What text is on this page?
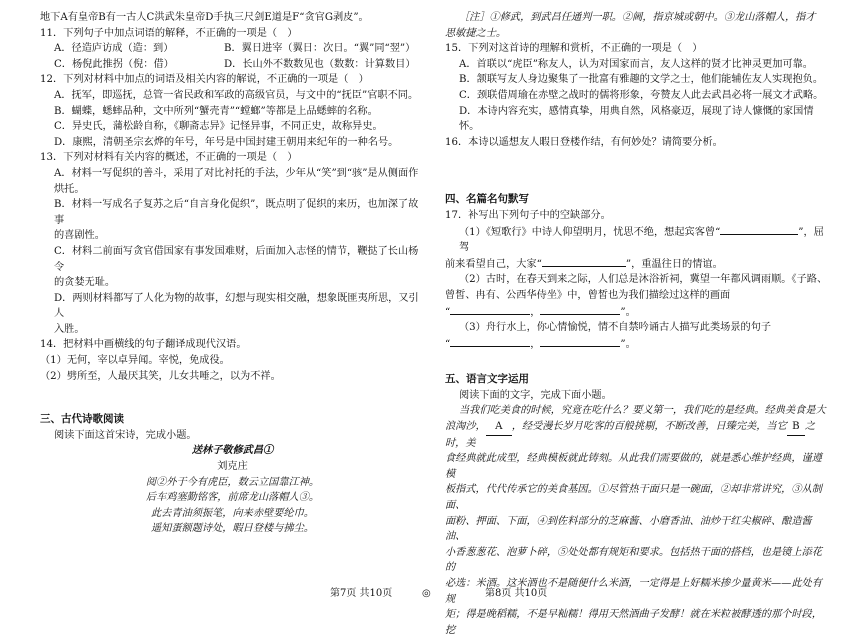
地下A有皇帝B有一古人C洪武朱皇帝D手执三尺剑E道是F“贪官G剥皮”。

11．下列句子中加点词语的解释，不正确的一项是（　）

A．径造庐访成（造：到）	B．翼日进宰（翼日：次日。“翼”同“翌”）
C．杨倪此推拐（倪：借）	D．长山外不数数见也（数数：计算数目）

12．下列对材料中加点的词语及相关内容的解说，不正确的一项是（　）

A．抚军，即巡抚，总管一省民政和军政的高级官员，与文中的“抚臣”官职不同。

B．蝴蝶，蟋蟀品种，文中所列“蟹壳青”“螳螂”等都是上品蟋蟀的名称。

C．异史氏，蒲松龄自称，《聊斋志异》记怪异事，不同正史，故称异史。

D．康熙，清朝圣宗玄烨的年号，年号是中国封建王朝用来纪年的一种名号。

13．下列对材料有关内容的概述，不正确的一项是（　）

A．材料一写促织的善斗，采用了对比衬托的手法，少年从“笑”到“骇”是从侧面作

烘托。

B．材料一写成名子复苏之后“自言身化促织”，既点明了促织的来历，也加深了故事

的喜剧性。

C．材料二前面写贪官借国家有事发国难财，后面加入志怪的情节，鞭挞了长山杨令

的贪婪无耻。

D．两则材料都写了人化为物的故事，幻想与现实相交融，想象既匪夷所思，又引人

入胜。

14．把材料中画横线的句子翻译成现代汉语。

（1）无何，宰以卓异闻。宰悦，免成役。

（2）劈所至，人最厌其笑，儿女共唾之，以为不祥。

三、古代诗歌阅读

阅读下面这首宋诗，完成小题。

送林子敬修武昌①

刘克庄

阅②外于今有虎臣，数云立国靠江神。

后车鸡塞勤铭客，前席龙山落帽人③。

此去青油须振笔，向来赤壁要纶巾。

遥知蛋额题诗处，暇日登楼与拂尘。

［注］①修武，到武昌任通判一职。②阃，指京城或朝中。③龙山落帽人，指才

思敏捷之士。

15．下列对这首诗的理解和赏析，不正确的一项是（　）

A．首联以“虎臣”称友人，认为对国家而言，友人这样的贤才比神灵更加可靠。

B．颔联写友人身边聚集了一批富有雅趣的文学之士，他们能辅佐友人实现抱负。

C．颈联借周瑜在赤壁之战时的儒将形象，夸赞友人此去武昌必将一展文才武略。

D．本诗内容充实，感情真挚，用典自然，风格豪迈，展现了诗人慷慨的家国情怀。

16．本诗以遥想友人暇日登楼作结，有何妙处？请简要分析。

四、名篇名句默写

17．补写出下列句子中的空缺部分。

（1）《短歌行》中诗人仰望明月，忧思不绝，想起宾客曾“	”，屈驾

前来看望自己，大家“	”，重温往日的情谊。

（2）古时，在春天到来之际，人们总是沐浴祈祠，冀望一年都风调雨顺。《子路、

曾皙、冉有、公西华侍坐》中，曾皙也为我们描绘过这样的画面

“	，	”。

（3）舟行水上，你心情愉悦，情不自禁吟诵古人描写此类场景的句子

“	，	”。

五、语言文字运用

阅读下面的文字，完成下面小题。

当我们吃美食的时候，究竟在吃什么？要义第一，我们吃的是经典。经典美食是大

浪淘沙， A ，经受漫长岁月吃客的百般挑剔，不断改善，日臻完美，当它 B 之时，美

食经典就此成型，经典模板就此铸刻。从此我们需要做的，就是悉心维护经典，谨遵模

板指式，代代传承它的美食基因。①尽管热干面只是一碗面，②却非常讲究，③从制面、

面粉、押面、下面，④到佐料部分的芝麻酱、小磨香油、油炒干红尖椒碎、酿造酱油、

小香葱葱花、泡萝卜碎，⑤处处都有规矩和要求。包括热干面的搭档，也是镜上添花的

必选：米酒。这米酒也不是随便什么米酒，一定得是上好糯米掺少量黄米——此处有规

矩；得是晚稻糯，不是早籼糯！得用天然酒曲子发酵！就在米粒被酵透的那个时段，挖

第7页 共10页	◎	第8页 共10页
